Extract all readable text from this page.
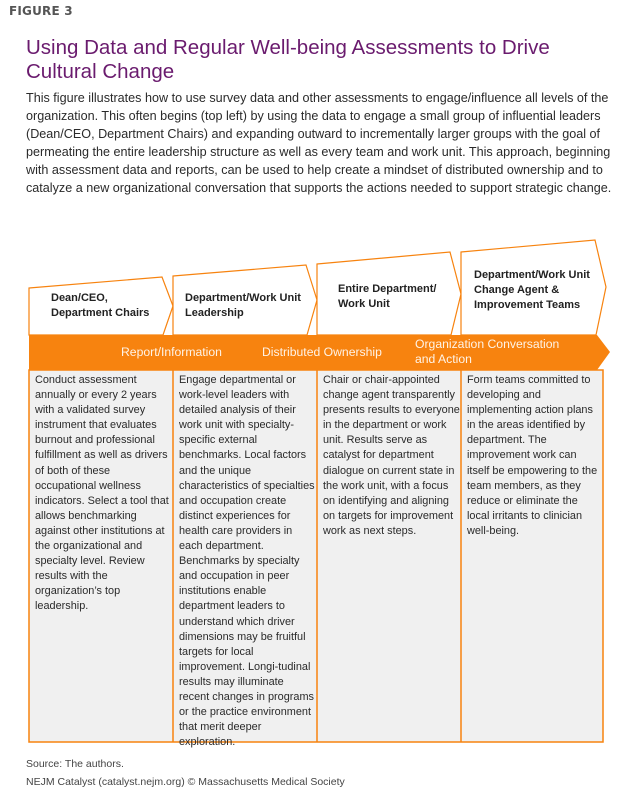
FIGURE 3
Using Data and Regular Well-being Assessments to Drive Cultural Change
This figure illustrates how to use survey data and other assessments to engage/influence all levels of the organization. This often begins (top left) by using the data to engage a small group of influential leaders (Dean/CEO, Department Chairs) and expanding outward to incrementally larger groups with the goal of permeating the entire leadership structure as well as every team and work unit. This approach, beginning with assessment data and reports, can be used to help create a mindset of distributed ownership and to catalyze a new organizational conversation that supports the actions needed to support strategic change.
Dean/CEO,
Department Chairs
Department/Work Unit
Leadership
Entire Department/
Work Unit
Department/Work Unit
Change Agent &
Improvement Teams
Report/Information	Distributed Ownership
Organization Conversation
and Action
Conduct assessment annually or every 2 years with a validated survey instrument that evaluates burnout and professional fulfillment as well as drivers of both of these occupational wellness indicators. Select a tool that allows benchmarking against other institutions at the organizational and specialty level. Review results with the organization’s top leadership.
Engage departmental or work-level leaders with detailed analysis of their work unit with specialty-specific external benchmarks. Local factors and the unique characteristics of specialties and occupation create distinct experiences for health care providers in each department. Benchmarks by specialty and occupation in peer institutions enable department leaders to understand which driver dimensions may be fruitful targets for local improvement. Longi-tudinal results may illuminate recent changes in programs or the practice environment that merit deeper exploration.
Chair or chair-appointed change agent transparently presents results to everyone in the department or work unit. Results serve as catalyst for department dialogue on current state in the work unit, with a focus on identifying and aligning on targets for improvement work as next steps.
Form teams committed to developing and implementing action plans in the areas identified by department. The improvement work can itself be empowering to the team members, as they reduce or eliminate the local irritants to clinician well-being.
Source: The authors.
NEJM Catalyst (catalyst.nejm.org) © Massachusetts Medical Society
